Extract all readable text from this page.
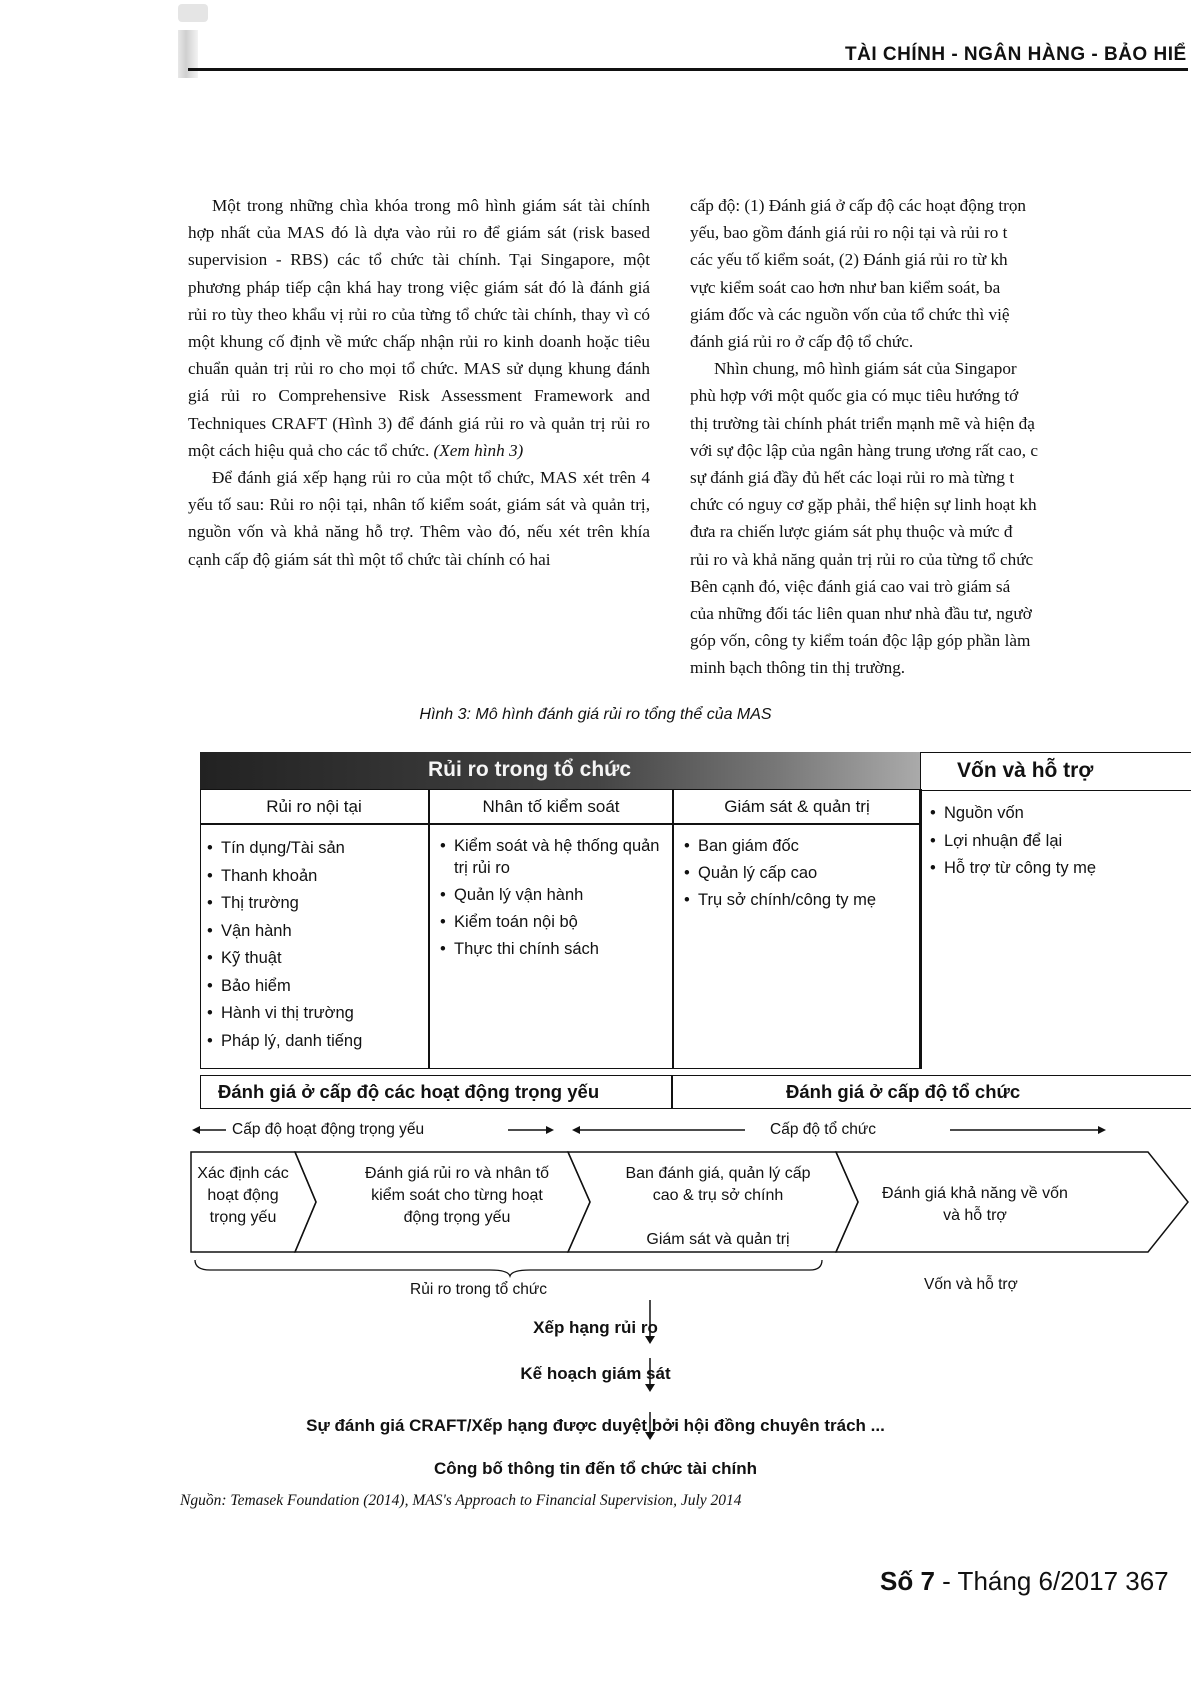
TÀI CHÍNH - NGÂN HÀNG - BẢO HIỂ

Một trong những chìa khóa trong mô hình giám sát tài chính hợp nhất của MAS đó là dựa vào rủi ro để giám sát (risk based supervision - RBS) các tổ chức tài chính. Tại Singapore, một phương pháp tiếp cận khá hay trong việc giám sát đó là đánh giá rủi ro tùy theo khẩu vị rủi ro của từng tổ chức tài chính, thay vì có một khung cố định về mức chấp nhận rủi ro kinh doanh hoặc tiêu chuẩn quản trị rủi ro cho mọi tổ chức. MAS sử dụng khung đánh giá rủi ro Comprehensive Risk Assessment Framework and Techniques CRAFT (Hình 3) để đánh giá rủi ro và quản trị rủi ro một cách hiệu quả cho các tổ chức. (Xem hình 3)

Để đánh giá xếp hạng rủi ro của một tổ chức, MAS xét trên 4 yếu tố sau: Rủi ro nội tại, nhân tố kiểm soát, giám sát và quản trị, nguồn vốn và khả năng hỗ trợ. Thêm vào đó, nếu xét trên khía cạnh cấp độ giám sát thì một tổ chức tài chính có hai

cấp độ: (1) Đánh giá ở cấp độ các hoạt động trọn
yếu, bao gồm đánh giá rủi ro nội tại và rủi ro t
các yếu tố kiểm soát, (2) Đánh giá rủi ro từ kh
vực kiểm soát cao hơn như ban kiểm soát, ba
giám đốc và các nguồn vốn của tổ chức thì việ
đánh giá rủi ro ở cấp độ tổ chức.
Nhìn chung, mô hình giám sát của Singapor
phù hợp với một quốc gia có mục tiêu hướng tớ
thị trường tài chính phát triển mạnh mẽ và hiện đạ
với sự độc lập của ngân hàng trung ương rất cao, c
sự đánh giá đầy đủ hết các loại rủi ro mà từng t
chức có nguy cơ gặp phải, thể hiện sự linh hoạt kh
đưa ra chiến lược giám sát phụ thuộc và mức đ
rủi ro và khả năng quản trị rủi ro của từng tổ chức
Bên cạnh đó, việc đánh giá cao vai trò giám sá
của những đối tác liên quan như nhà đầu tư, ngườ
góp vốn, công ty kiểm toán độc lập góp phần làm
minh bạch thông tin thị trường.
Hình 3: Mô hình đánh giá rủi ro tổng thể của MAS
Rủi ro trong tổ chức	Vốn và hỗ trợ
Rủi ro nội tại	Nhân tố kiểm soát	Giám sát & quản trị
• Tín dụng/Tài sản
• Thanh khoản
• Thị trường
• Vận hành
• Kỹ thuật
• Bảo hiểm
• Hành vi thị trường
• Pháp lý, danh tiếng
• Kiểm soát và hệ thống quản trị rủi ro
• Quản lý vận hành
• Kiểm toán nội bộ
• Thực thi chính sách
• Ban giám đốc
• Quản lý cấp cao
• Trụ sở chính/công ty mẹ
• Nguồn vốn
• Lợi nhuận để lại
• Hỗ trợ từ công ty mẹ
Đánh giá ở cấp độ các hoạt động trọng yếu	Đánh giá ở cấp độ tổ chức
Cấp độ hoạt động trọng yếu	Cấp độ tổ chức
Xác định các hoạt động trọng yếu
Đánh giá rủi ro và nhân tố kiểm soát cho từng hoạt động trọng yếu
Ban đánh giá, quản lý cấp cao & trụ sở chính
Giám sát và quản trị
Đánh giá khả năng về vốn và hỗ trợ
Rủi ro trong tổ chức	Vốn và hỗ trợ
Xếp hạng rủi ro
Kế hoạch giám sát
Sự đánh giá CRAFT/Xếp hạng được duyệt bởi hội đồng chuyên trách ...
Công bố thông tin đến tổ chức tài chính
Nguồn: Temasek Foundation (2014), MAS's Approach to Financial Supervision, July 2014
Số 7 - Tháng 6/2017 367
